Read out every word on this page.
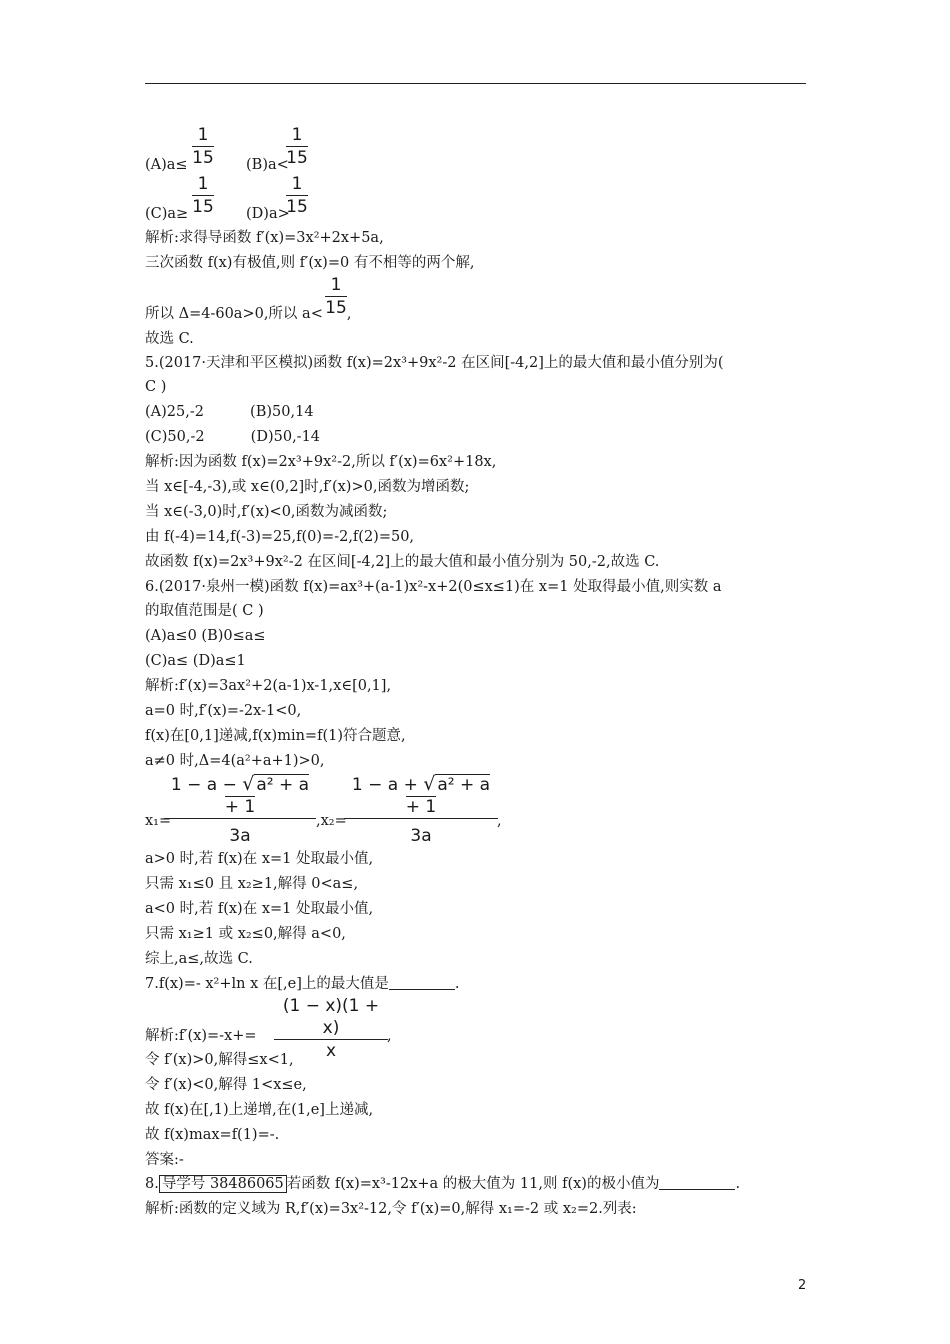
$(A)a\le \frac{1}{15} (B)a<$
$\frac{1}{15}$
$(C)a\ge \frac{1}{15} (D)a>$
$\frac{1}{15}$
解析:求得导函数 f′(x)=3x²+2x+5a,
三次函数 f(x)有极值,则 f′(x)=0 有不相等的两个解,
所以 Δ=4-60a>0,所以 a< ,
$\frac{1}{15}$
故选 C.
5.(2017·天津和平区模拟)函数 f(x)=2x³+9x²-2 在区间[-4,2]上的最大值和最小值分别为(
C )
(A)25,-2          (B)50,14
(C)50,-2          (D)50,-14
解析:因为函数 f(x)=2x³+9x²-2,所以 f′(x)=6x²+18x,
当 x∈[-4,-3),或 x∈(0,2]时,f′(x)>0,函数为增函数;
当 x∈(-3,0)时,f′(x)<0,函数为减函数;
由 f(-4)=14,f(-3)=25,f(0)=-2,f(2)=50,
故函数 f(x)=2x³+9x²-2 在区间[-4,2]上的最大值和最小值分别为 50,-2,故选 C.
6.(2017·泉州一模)函数 f(x)=ax³+(a-1)x²-x+2(0≤x≤1)在 x=1 处取得最小值,则实数 a
的取值范围是( C )
(A)a≤0 (B)0≤a≤
(C)a≤ (D)a≤1
解析:f′(x)=3ax²+2(a-1)x-1,x∈[0,1],
a=0 时,f′(x)=-2x-1<0,
f(x)在[0,1]递减,f(x)min=f(1)符合题意,
a≠0 时,Δ=4(a²+a+1)>0,
x₁=
$\frac{\text{1 − a − √ a² + a + 1}}{3a} ,x_2=$
$\frac{\text{1 − a + √ a² + a + 1}}{3a}$ ,
a>0 时,若 f(x)在 x=1 处取最小值,
只需 x₁≤0 且 x₂≥1,解得 0<a≤,
a<0 时,若 f(x)在 x=1 处取最小值,
只需 x₁≥1 或 x₂≤0,解得 a<0,
综上,a≤,故选 C.
7.f(x)=- x²+ln x 在[,e]上的最大值是	.
解析:f′(x)=-x+= $\frac{(1 - x)(1 + x)}{x}$ ,
令 f′(x)>0,解得≤x<1,
令 f′(x)<0,解得 1<x≤e,
故 f(x)在[,1)上递增,在(1,e]上递减,
故 f(x)max=f(1)=-.
答案:-
8. 导学号 38486065 若函数 f(x)=x³-12x+a 的极大值为 11,则 f(x)的极小值为	.
解析:函数的定义域为 R,f′(x)=3x²-12,令 f′(x)=0,解得 x₁=-2 或 x₂=2.列表:
2
